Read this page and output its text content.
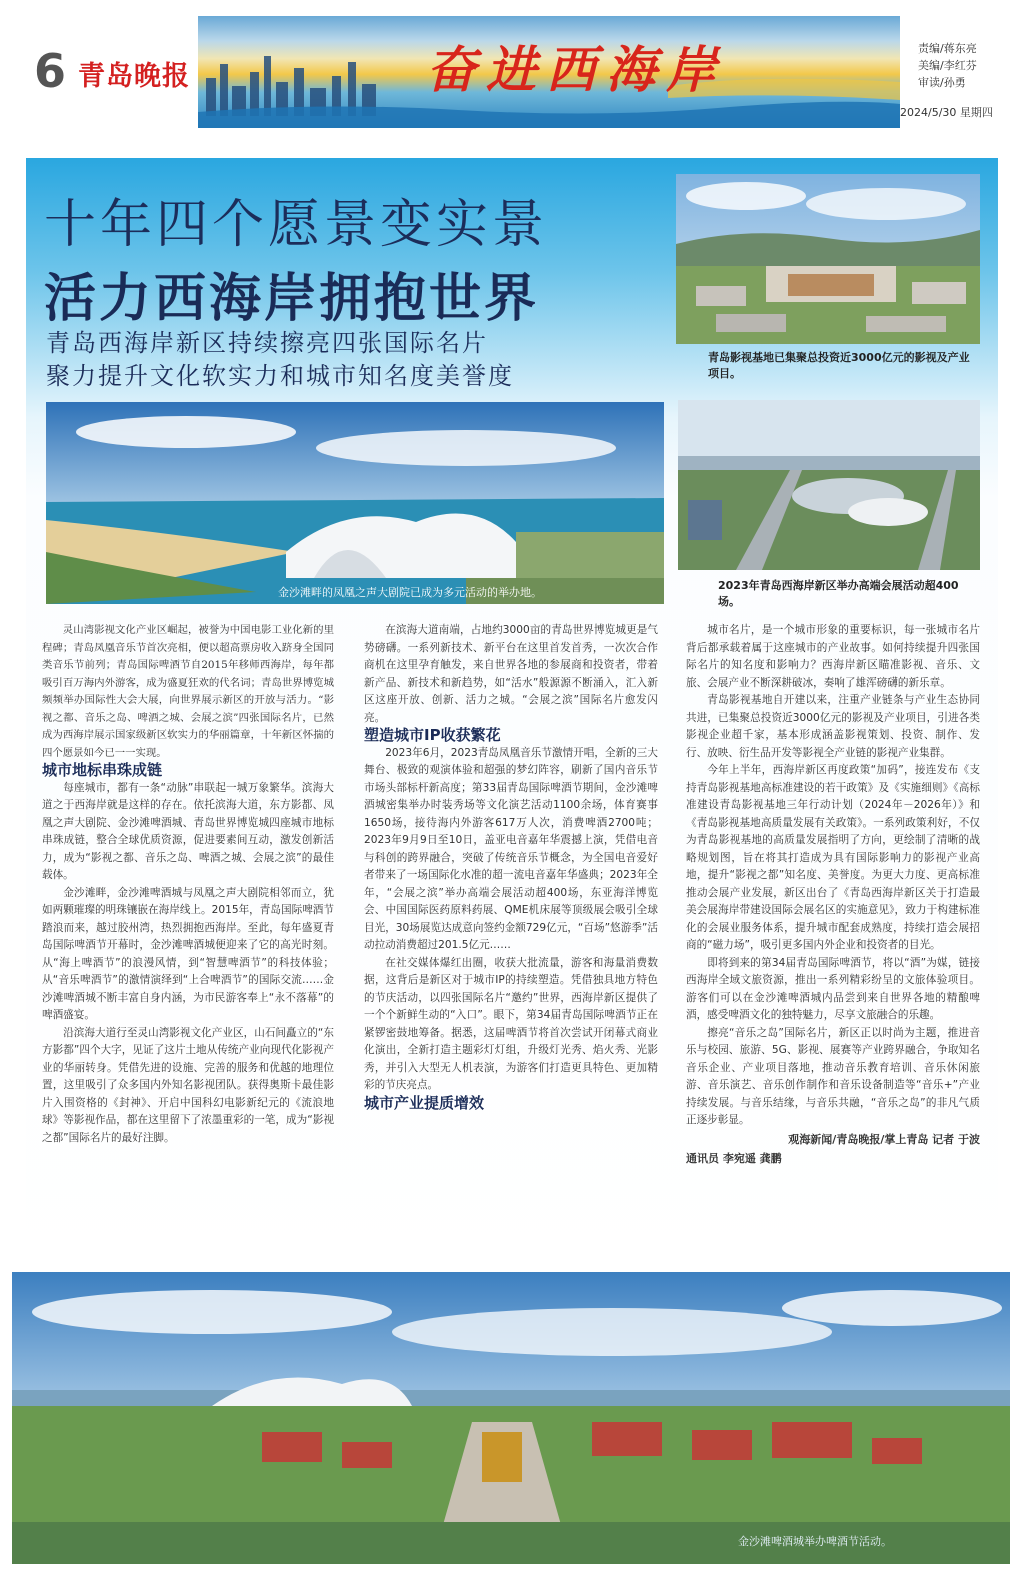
6 青岛晚报	奋进西海岸	责编/蒋东亮
美编/李红芬
审读/孙勇
2024/5/30 星期四
十年四个愿景变实景
活力西海岸拥抱世界
青岛西海岸新区持续擦亮四张国际名片
聚力提升文化软实力和城市知名度美誉度
青岛影视基地已集聚总投资近3000亿元的影视及产业项目。
金沙滩畔的凤凰之声大剧院已成为多元活动的举办地。
2023年青岛西海岸新区举办高端会展活动超400场。

灵山湾影视文化产业区崛起，被誉为中国电影工业化新的里程碑；青岛凤凰音乐节首次亮相，便以超高票房收入跻身全国同类音乐节前列；青岛国际啤酒节自2015年移师西海岸，每年都吸引百万海内外游客，成为盛夏狂欢的代名词；青岛世界博览城频频举办国际性大会大展，向世界展示新区的开放与活力。“影视之都、音乐之岛、啤酒之城、会展之滨”四张国际名片，已然成为西海岸展示国家级新区软实力的华丽篇章，十年新区怀揣的四个愿景如今已一一实现。

城市地标串珠成链

每座城市，都有一条“动脉”串联起一城万象繁华。滨海大道之于西海岸就是这样的存在。依托滨海大道，东方影都、凤凰之声大剧院、金沙滩啤酒城、青岛世界博览城四座城市地标串珠成链，整合全球优质资源，促进要素间互动，激发创新活力，成为“影视之都、音乐之岛、啤酒之城、会展之滨”的最佳载体。

金沙滩畔，金沙滩啤酒城与凤凰之声大剧院相邻而立，犹如两颗璀璨的明珠镶嵌在海岸线上。2015年，青岛国际啤酒节踏浪而来，越过胶州湾，热烈拥抱西海岸。至此，每年盛夏青岛国际啤酒节开幕时，金沙滩啤酒城便迎来了它的高光时刻。从“海上啤酒节”的浪漫风情，到“智慧啤酒节”的科技体验；从“音乐啤酒节”的激情演绎到“上合啤酒节”的国际交流……金沙滩啤酒城不断丰富自身内涵，为市民游客奉上“永不落幕”的啤酒盛宴。

沿滨海大道行至灵山湾影视文化产业区，山石间矗立的“东方影都”四个大字，见证了这片土地从传统产业向现代化影视产业的华丽转身。凭借先进的设施、完善的服务和优越的地理位置，这里吸引了众多国内外知名影视团队。获得奥斯卡最佳影片入围资格的《封神》、开启中国科幻电影新纪元的《流浪地球》等影视作品，都在这里留下了浓墨重彩的一笔，成为“影视之都”国际名片的最好注脚。

在滨海大道南端，占地约3000亩的青岛世界博览城更是气势磅礴。一系列新技术、新平台在这里首发首秀，一次次合作商机在这里孕育触发，来自世界各地的参展商和投资者，带着新产品、新技术和新趋势，如“活水”般源源不断涌入，汇入新区这座开放、创新、活力之城。“会展之滨”国际名片愈发闪亮。

塑造城市IP收获繁花

2023年6月，2023青岛凤凰音乐节激情开唱，全新的三大舞台、极致的观演体验和超强的梦幻阵容，刷新了国内音乐节市场头部标杆新高度；第33届青岛国际啤酒节期间，金沙滩啤酒城密集举办时装秀场等文化演艺活动1100余场，体育赛事1650场，接待海内外游客617万人次，消费啤酒2700吨；2023年9月9日至10日，盖亚电音嘉年华震撼上演，凭借电音与科创的跨界融合，突破了传统音乐节概念，为全国电音爱好者带来了一场国际化水准的超一流电音嘉年华盛典；2023年全年，“会展之滨”举办高端会展活动超400场，东亚海洋博览会、中国国际医药原料药展、QME机床展等顶级展会吸引全球目光，30场展览达成意向签约金额729亿元，“百场”悠游季”活动拉动消费超过201.5亿元……

在社交媒体爆红出圈，收获大批流量，游客和海量消费数据，这背后是新区对于城市IP的持续塑造。凭借独具地方特色的节庆活动，以四张国际名片“邀约”世界，西海岸新区提供了一个个新鲜生动的“入口”。眼下，第34届青岛国际啤酒节正在紧锣密鼓地筹备。据悉，这届啤酒节将首次尝试开闭幕式商业化演出，全新打造主题彩灯灯组，升级灯光秀、焰火秀、光影秀，并引入大型无人机表演，为游客们打造更具特色、更加精彩的节庆亮点。

城市产业提质增效

城市名片，是一个城市形象的重要标识，每一张城市名片背后都承载着属于这座城市的产业故事。如何持续提升四张国际名片的知名度和影响力？西海岸新区瞄准影视、音乐、文旅、会展产业不断深耕破冰，奏响了雄浑磅礴的新乐章。

青岛影视基地自开建以来，注重产业链条与产业生态协同共进，已集聚总投资近3000亿元的影视及产业项目，引进各类影视企业超千家，基本形成涵盖影视策划、投资、制作、发行、放映、衍生品开发等影视全产业链的影视产业集群。

今年上半年，西海岸新区再度政策“加码”，接连发布《支持青岛影视基地高标准建设的若干政策》及《实施细则》《高标准建设青岛影视基地三年行动计划（2024年－2026年）》和《青岛影视基地高质量发展有关政策》。一系列政策利好，不仅为青岛影视基地的高质量发展指明了方向，更绘制了清晰的战略规划图，旨在将其打造成为具有国际影响力的影视产业高地，提升“影视之都”知名度、美誉度。为更大力度、更高标准推动会展产业发展，新区出台了《青岛西海岸新区关于打造最美会展海岸带建设国际会展名区的实施意见》，致力于构建标准化的会展业服务体系，提升城市配套成熟度，持续打造会展招商的“磁力场”，吸引更多国内外企业和投资者的目光。

即将到来的第34届青岛国际啤酒节，将以“酒”为媒，链接西海岸全域文旅资源，推出一系列精彩纷呈的文旅体验项目。游客们可以在金沙滩啤酒城内品尝到来自世界各地的精酿啤酒，感受啤酒文化的独特魅力，尽享文旅融合的乐趣。

擦亮“音乐之岛”国际名片，新区正以时尚为主题，推进音乐与校园、旅游、5G、影视、展赛等产业跨界融合，争取知名音乐企业、产业项目落地，推动音乐教育培训、音乐休闲旅游、音乐演艺、音乐创作制作和音乐设备制造等“音乐+”产业持续发展。与音乐结缘，与音乐共融，“音乐之岛”的非凡气质正逐步彰显。

观海新闻/青岛晚报/掌上青岛 记者 于波
通讯员 李宛遥 龚鹏
金沙滩啤酒城举办啤酒节活动。
